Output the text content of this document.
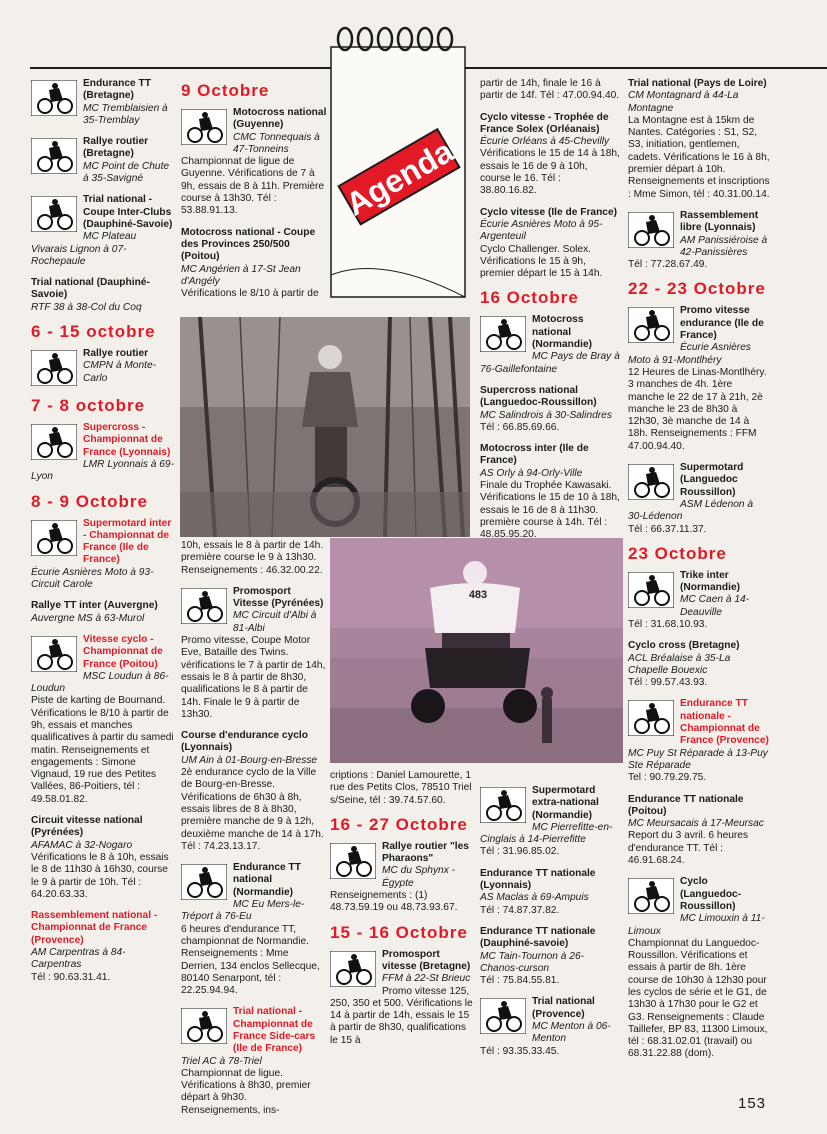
Agenda
483
Endurance TT (Bretagne)
MC Tremblaisien à 35-Tremblay
Rallye routier (Bretagne)
MC Point de Chute à 35-Savigné
Trial national - Coupe Inter-Clubs (Dauphiné-Savoie)
MC Plateau Vivarais Lignon à 07-Rochepaule
Trial national (Dauphiné-Savoie)
RTF 38 à 38-Col du Coq
6 - 15 octobre
Rallye routier
CMPN à Monte-Carlo
7 - 8 octobre
Supercross - Championnat de France (Lyonnais)
LMR Lyonnais à 69-Lyon
8 - 9 Octobre
Supermotard inter - Championnat de France (Ile de France)
Écurie Asnières Moto à 93-Circuit Carole
Rallye TT inter (Auvergne)
Auvergne MS à 63-Murol
Vitesse cyclo - Championnat de France (Poitou)
MSC Loudun à 86-Loudun
Piste de karting de Bournand. Vérifications le 8/10 à partir de 9h, essais et manches qualificatives à partir du samedi matin. Renseignements et engagements : Simone Vignaud, 19 rue des Petites Vallées, 86-Poitiers, tél : 49.58.01.82.
Circuit vitesse national (Pyrénées)
AFAMAC à 32-Nogaro
Vérifications le 8 à 10h, essais le 8 de 11h30 à 16h30, course le 9 à partir de 10h. Tél : 64.20.63.33.
Rassemblement national - Championnat de France (Provence)
AM Carpentras à 84-Carpentras
Tél : 90.63.31.41.
9 Octobre
Motocross national (Guyenne)
CMC Tonnequais à 47-Tonneins
Championnat de ligue de Guyenne. Vérifications de 7 à 9h, essais de 8 à 11h. Première course à 13h30. Tél : 53.88.91.13.
Motocross national - Coupe des Provinces 250/500 (Poitou)
MC Angérien à 17-St Jean d'Angély
Vérifications le 8/10 à partir de
10h, essais le 8 à partir de 14h. première course le 9 à 13h30. Renseignements : 46.32.00.22.
Promosport Vitesse (Pyrénées)
MC Circuit d'Albi à 81-Albi
Promo vitesse, Coupe Motor Eve, Bataille des Twins. vérifications le 7 à partir de 14h, essais le 8 à partir de 8h30, qualifications le 8 à partir de 14h. Finale le 9 à partir de 13h30.
Course d'endurance cyclo (Lyonnais)
UM Ain à 01-Bourg-en-Bresse
2è endurance cyclo de la Ville de Bourg-en-Bresse. Vérifications de 6h30 à 8h, essais libres de 8 à 8h30, première manche de 9 à 12h, deuxième manche de 14 à 17h. Tél : 74.23.13.17.
Endurance TT national (Normandie)
MC Eu Mers-le-Tréport à 76-Eu
6 heures d'endurance TT, championnat de Normandie. Renseignements : Mme Derrien, 134 enclos Sellecque, 80140 Senarpont, tél : 22.25.94.94.
Trial national - Championnat de France Side-cars (Ile de France)
Triel AC à 78-Triel
Championnat de ligue. Vérifications à 8h30, premier départ à 9h30. Renseignements, ins-
criptions : Daniel Lamourette, 1 rue des Petits Clos, 78510 Triel s/Seine, tél : 39.74.57.60.
16 - 27 Octobre
Rallye routier "les Pharaons"
MC du Sphynx - Égypte
Renseignements : (1) 48.73.59.19 ou 48.73.93.67.
15 - 16 Octobre
Promosport vitesse (Bretagne)
FFM à 22-St Brieuc
Promo vitesse 125, 250, 350 et 500. Vérifications le 14 à partir de 14h, essais le 15 à partir de 8h30, qualifications le 15 à
partir de 14h, finale le 16 à partir de 14f. Tél : 47.00.94.40.
Cyclo vitesse - Trophée de France Solex (Orléanais)
Écurie Orléans à 45-Chevilly
Vérifications le 15 de 14 à 18h, essais le 16 de 9 à 10h, course le 16. Tél : 38.80.16.82.
Cyclo vitesse (Ile de France)
Écurie Asnières Moto à 95-Argenteuil
Cyclo Challenger. Solex. Vérifications le 15 à 9h, premier départ le 15 à 14h.
16 Octobre
Motocross national (Normandie)
MC Pays de Bray à 76-Gaillefontaine
Supercross national (Languedoc-Roussillon)
MC Salindrois à 30-Salindres
Tél : 66.85.69.66.
Motocross inter (Ile de France)
AS Orly à 94-Orly-Ville
Finale du Trophée Kawasaki. Vérifications le 15 de 10 à 18h, essais le 16 de 8 à 11h30. première course à 14h. Tél : 48.85.95.20.
Supermotard extra-national (Normandie)
MC Pierrefitte-en-Cinglais à 14-Pierrefitte
Tél : 31.96.85.02.
Endurance TT nationale (Lyonnais)
AS Maclas à 69-Ampuis
Tél : 74.87.37.82.
Endurance TT nationale (Dauphiné-savoie)
MC Tain-Tournon à 26-Chanos-curson
Tél : 75.84.55.81.
Trial national (Provence)
MC Menton à 06-Menton
Tél : 93.35.33.45.
Trial national (Pays de Loire)
CM Montagnard à 44-La Montagne
La Montagne est à 15km de Nantes. Catégories : S1, S2, S3, initiation, gentlemen, cadets. Vérifications le 16 à 8h, premier départ à 10h. Renseignements et inscriptions : Mme Simon, tél : 40.31.00.14.
Rassemblement libre (Lyonnais)
AM Panissiéroise à 42-Panissières
Tél : 77.28.67.49.
22 - 23 Octobre
Promo vitesse endurance (Ile de France)
Écurie Asnières Moto à 91-Montlhéry
12 Heures de Linas-Montlhéry. 3 manches de 4h. 1ère manche le 22 de 17 à 21h, 2è manche le 23 de 8h30 à 12h30, 3è manche de 14 à 18h. Renseignements : FFM 47.00.94.40.
Supermotard (Languedoc Roussillon)
ASM Lédenon à 30-Lédenon
Tél : 66.37.11.37.
23 Octobre
Trike inter (Normandie)
MC Caen à 14-Deauville
Tél : 31.68.10.93.
Cyclo cross (Bretagne)
ACL Bréalaise à 35-La Chapelle Bouexic
Tél : 99.57.43.93.
Endurance TT nationale - Championnat de France (Provence)
MC Puy St Réparade à 13-Puy Ste Réparade
Tel : 90.79.29.75.
Endurance TT nationale (Poitou)
MC Meursacais à 17-Meursac
Report du 3 avril. 6 heures d'endurance TT. Tél : 46.91.68.24.
Cyclo (Languedoc-Roussillon)
MC Limouxin à 11-Limoux
Championnat du Languedoc-Roussillon. Vérifications et essais à partir de 8h. 1ère course de 10h30 à 12h30 pour les cyclos de série et le G1, de 13h30 à 17h30 pour le G2 et G3. Renseignements : Claude Taillefer, BP 83, 11300 Limoux, tél : 68.31.02.01 (travail) ou 68.31.22.88 (dom).
153
